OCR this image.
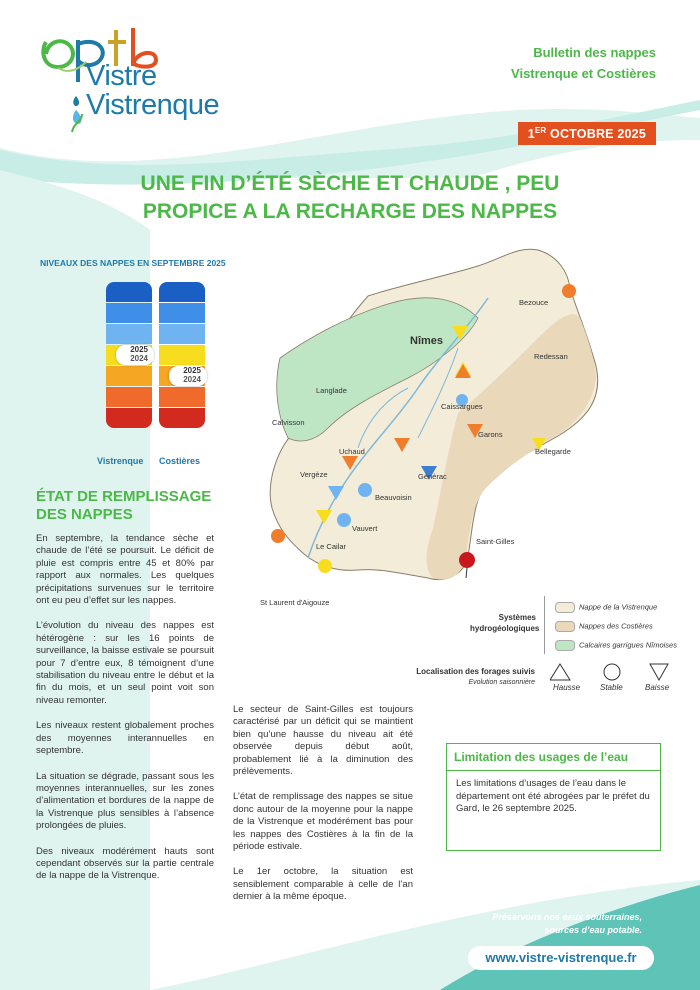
Vistre
Vistrenque
Bulletin des nappes
Vistrenque et Costières
1ER OCTOBRE 2025
UNE FIN D’ÉTÉ SÈCHE ET CHAUDE , PEU
PROPICE A LA RECHARGE DES NAPPES
NIVEAUX DES NAPPES EN SEPTEMBRE 2025
2025
2024
2025
2024
Vistrenque Costières
ÉTAT DE REMPLISSAGE DES NAPPES

En septembre, la tendance sèche et chaude de l’été se poursuit. Le déficit de pluie est compris entre 45 et 80% par rapport aux normales. Les quelques précipitations survenues sur le territoire ont eu peu d’effet sur les nappes.

L’évolution du niveau des nappes est hétérogène : sur les 16 points de surveillance, la baisse estivale se poursuit pour 7 d’entre eux, 8 témoignent d’une stabilisation du niveau entre le début et la fin du mois, et un seul point voit son niveau remonter.

Les niveaux restent globalement proches des moyennes interannuelles en septembre.

La situation se dégrade, passant sous les moyennes interannuelles, sur les zones d’alimentation et bordures de la nappe de la Vistrenque plus sensibles à l’absence prolongées de pluies.

Des niveaux modérément hauts sont cependant observés sur la partie centrale de la nappe de la Vistrenque.

Le secteur de Saint-Gilles est toujours caractérisé par un déficit qui se maintient bien qu’une hausse du niveau ait été observée depuis début août, probablement lié à la diminution des prélèvements.

L’état de remplissage des nappes se situe donc autour de la moyenne pour la nappe de la Vistrenque et modérément bas pour les nappes des Costières à la fin de la période estivale.

Le 1er octobre, la situation est sensiblement comparable à celle de l’an dernier à la même époque.

Bezouce
Nîmes
Redessan
Langlade
Caissargues
Calvisson
Garons
Bellegarde
Uchaud
Générac
Vergèze
Beauvoisin
Vauvert
Le Cailar
Saint-Gilles
St Laurent d'Aigouze
Systèmes hydrogéologiques
Nappe de la Vistrenque
Nappes des Costières
Calcaires garrigues Nîmoises
Localisation des forages suivis
Evolution saisonnière
Hausse Stable	Baisse
Limitation des usages de l’eau
Les limitations d’usages de l’eau dans le département ont été abrogées par le préfet du Gard, le 26 septembre 2025.
Préservons nos eaux souterraines,
sources d’eau potable.
www.vistre-vistrenque.fr
